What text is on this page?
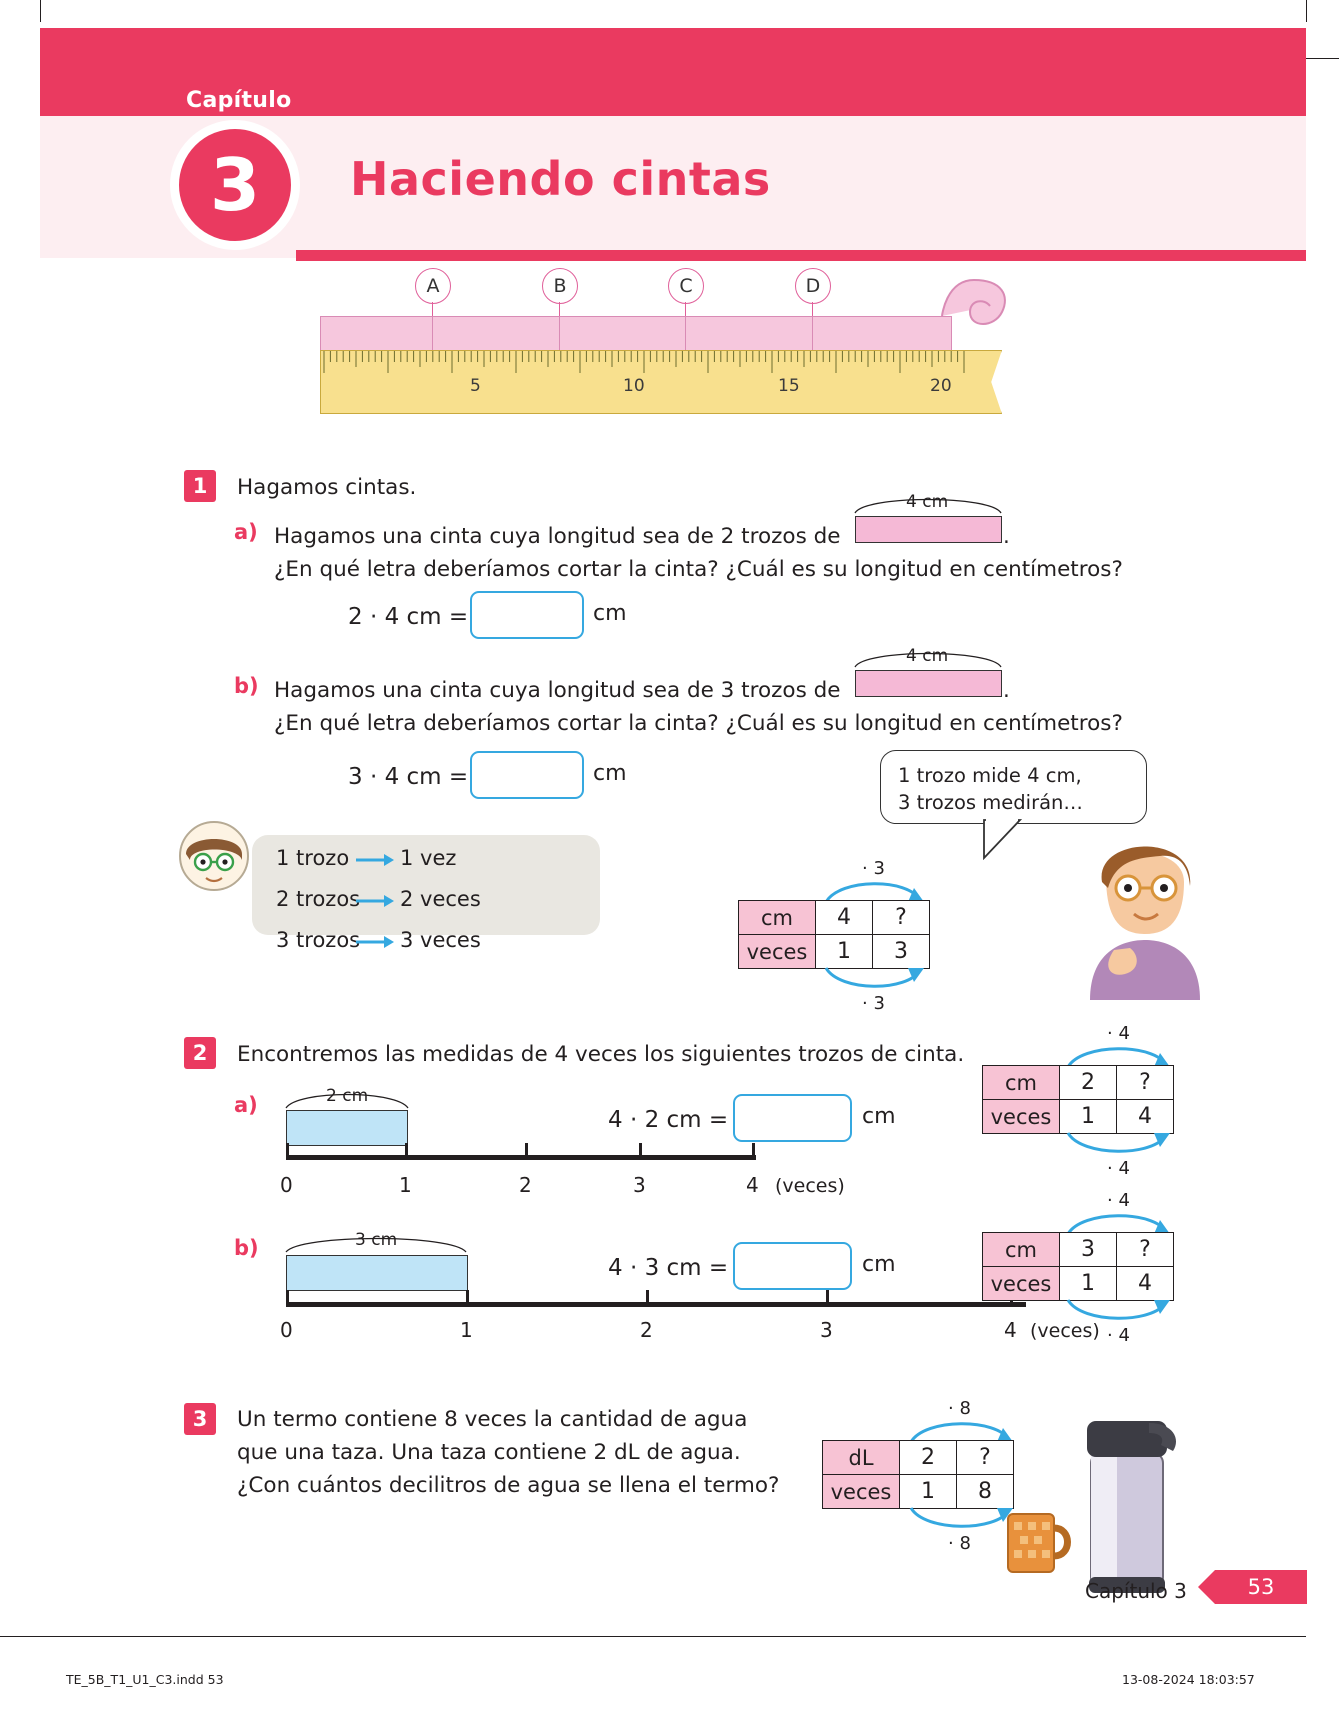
Capítulo
3 Haciendo cintas
A	B	C	D
5	10	15	20
1	Hagamos cintas.
a) Hagamos una cinta cuya longitud sea de 2 trozos de
4 cm
.
¿En qué letra deberíamos cortar la cinta? ¿Cuál es su longitud en centímetros?
2 · 4 cm =	cm
b) Hagamos una cinta cuya longitud sea de 3 trozos de
4 cm
.
¿En qué letra deberíamos cortar la cinta? ¿Cuál es su longitud en centímetros?
3 · 4 cm =	cm	1 trozo mide 4 cm,
3 trozos medirán…
1 trozo 1 vez
2 trozos 2 veces
3 trozos 3 veces
· 3
cm	4	?
veces	1	3
· 3
2	Encontremos las medidas de 4 veces los siguientes trozos de cinta.
a)	2 cm
4 · 2 cm =	cm
0	1	2	3	4 (veces)
· 4
cm	2	?
veces	1	4
· 4
b)	3 cm
4 · 3 cm =	cm
0	1	2	3	4 (veces)
· 4
cm	3	?
veces	1	4
· 4
3	Un termo contiene 8 veces la cantidad de agua
que una taza. Una taza contiene 2 dL de agua.
¿Con cuántos decilitros de agua se llena el termo?
· 8
dL	2	?
veces	1	8
· 8
Capítulo 3	53
TE_5B_T1_U1_C3.indd 53	13-08-2024 18:03:57
